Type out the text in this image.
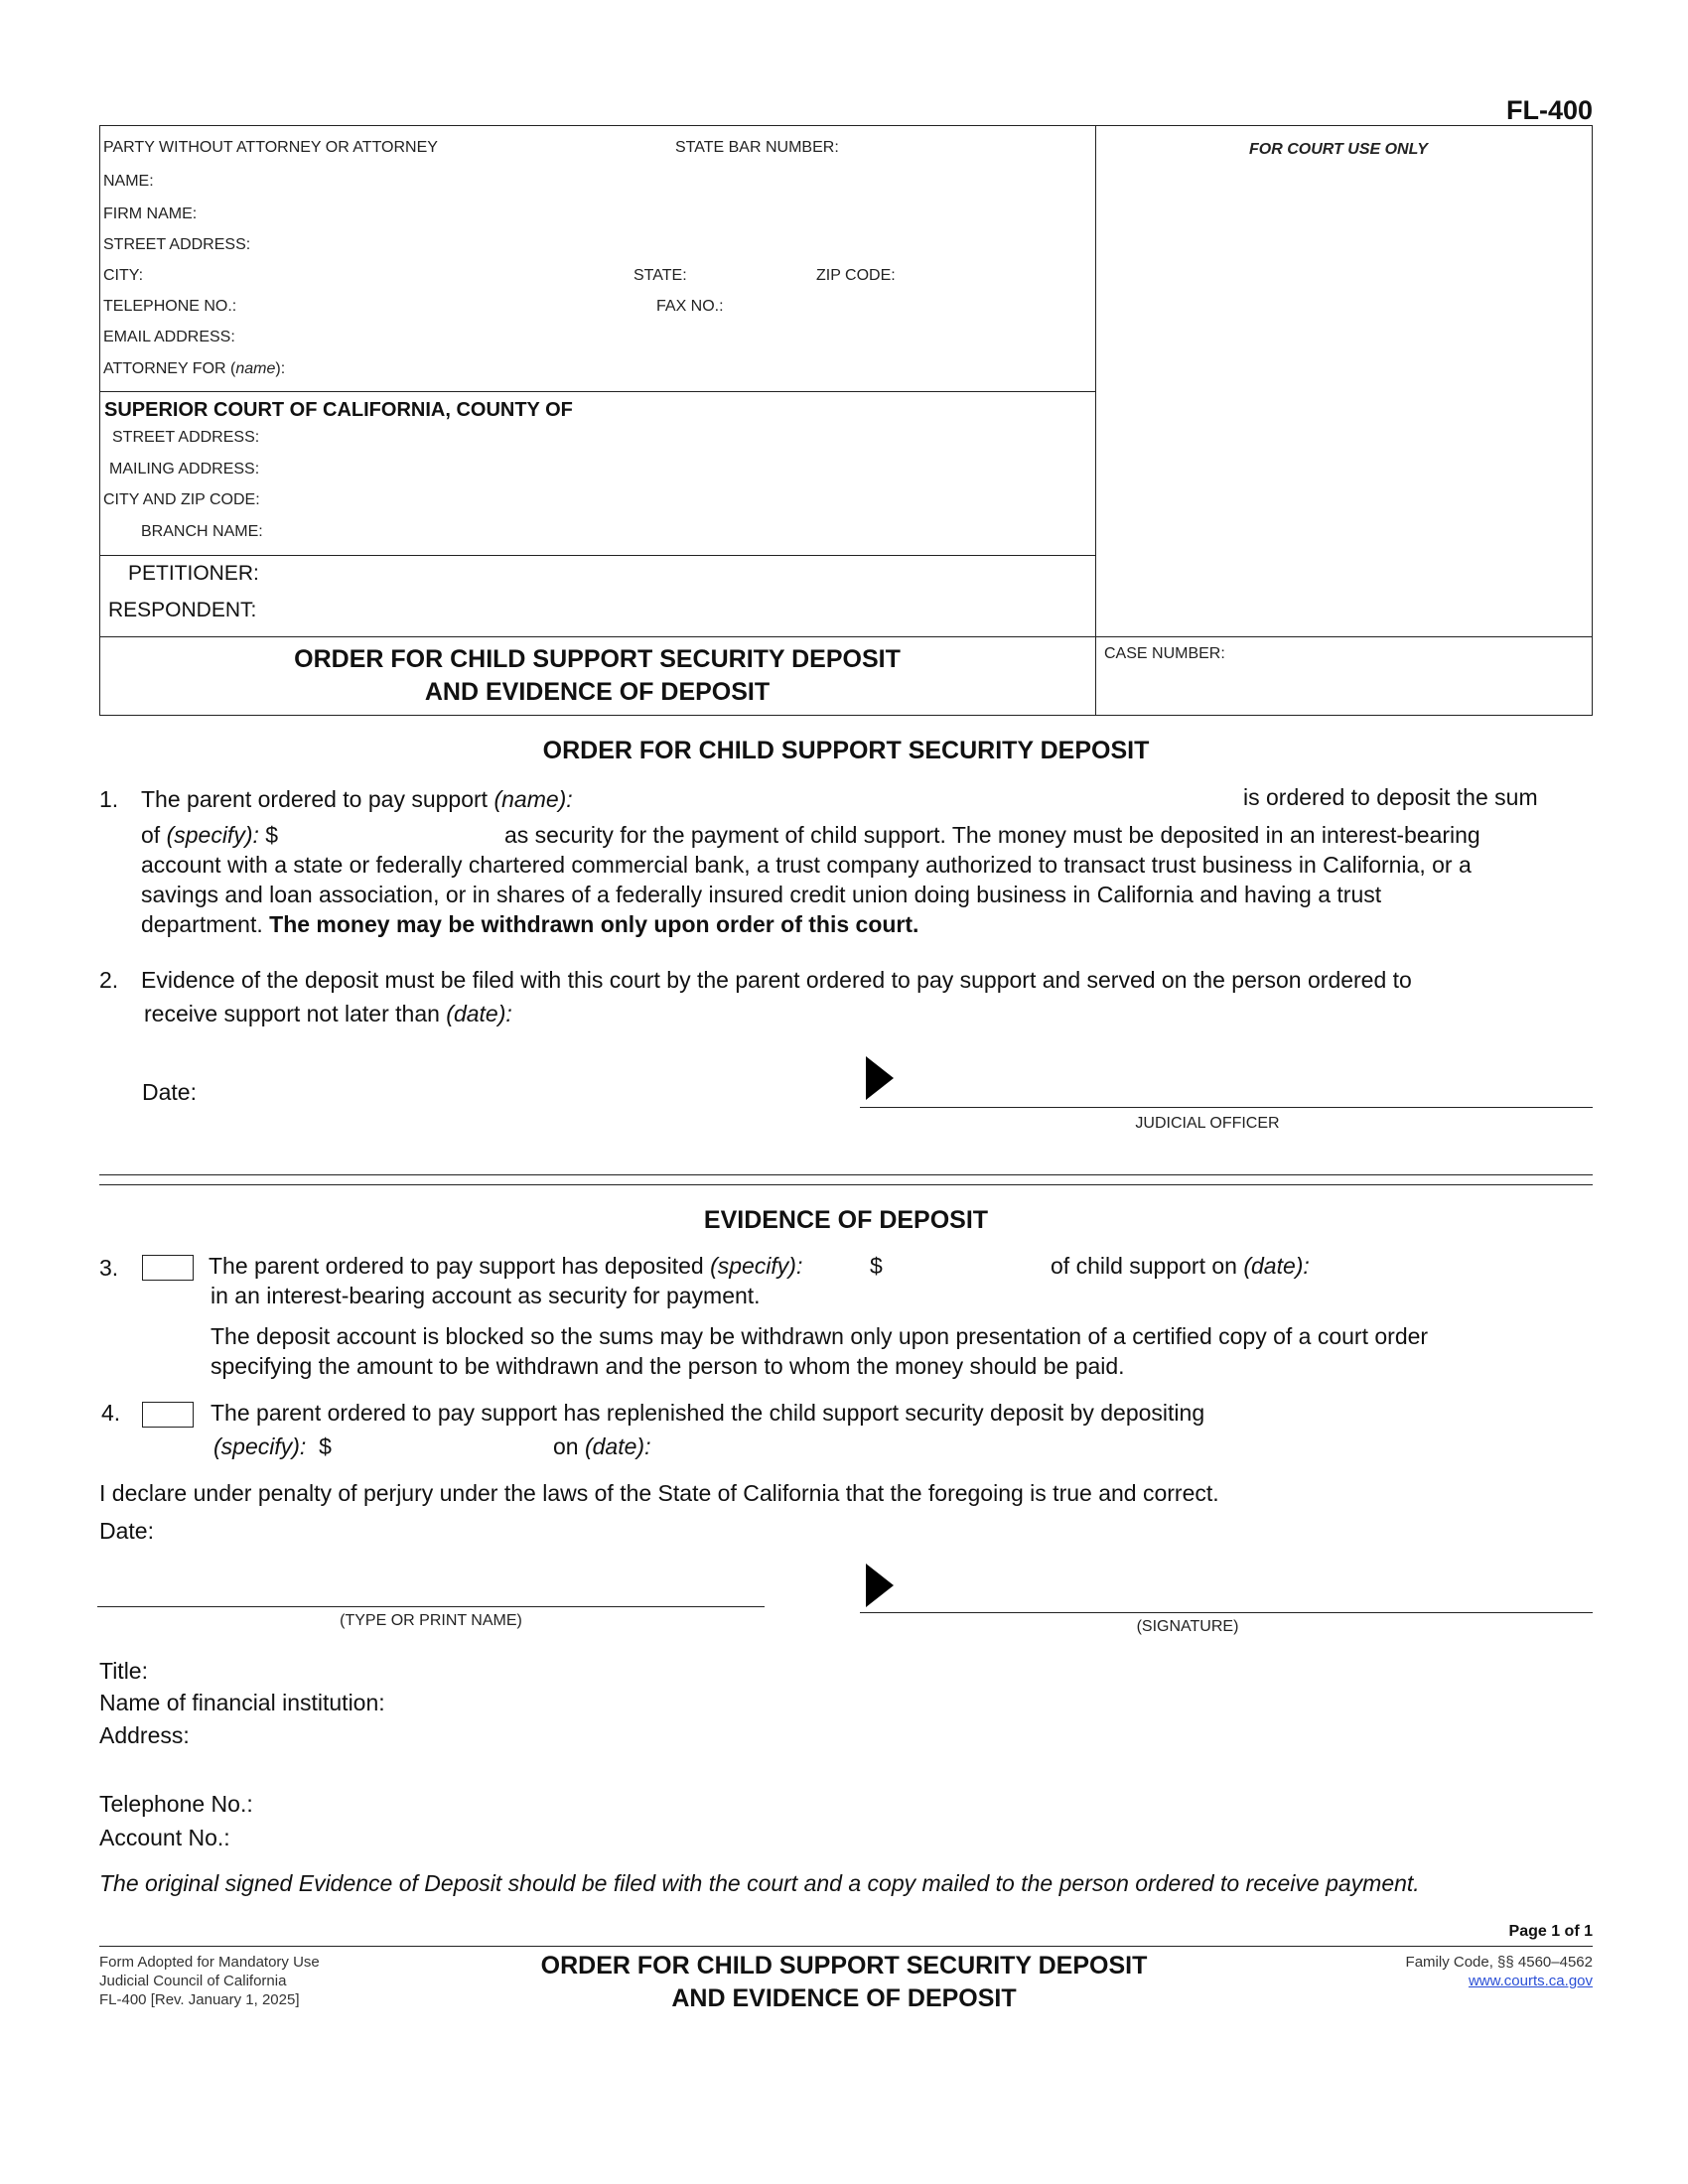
FL-400
PARTY WITHOUT ATTORNEY OR ATTORNEY	STATE BAR NUMBER:
NAME:
FIRM NAME:
STREET ADDRESS:
CITY:	STATE:	ZIP CODE:
TELEPHONE NO.:	FAX NO.:
EMAIL ADDRESS:
ATTORNEY FOR (name):
SUPERIOR COURT OF CALIFORNIA, COUNTY OF
STREET ADDRESS:
MAILING ADDRESS:
CITY AND ZIP CODE:
BRANCH NAME:
PETITIONER:
RESPONDENT:
FOR COURT USE ONLY
CASE NUMBER:
ORDER FOR CHILD SUPPORT SECURITY DEPOSIT
AND EVIDENCE OF DEPOSIT
ORDER FOR CHILD SUPPORT SECURITY DEPOSIT
1. The parent ordered to pay support (name):	is ordered to deposit the sum
of (specify): $	as security for the payment of child support. The money must be deposited in an interest-bearing
account with a state or federally chartered commercial bank, a trust company authorized to transact trust business in California, or a
savings and loan association, or in shares of a federally insured credit union doing business in California and having a trust
department. The money may be withdrawn only upon order of this court.
2. Evidence of the deposit must be filed with this court by the parent ordered to pay support and served on the person ordered to
receive support not later than (date):
Date:
JUDICIAL OFFICER
EVIDENCE OF DEPOSIT
3.	The parent ordered to pay support has deposited (specify):	$	of child support on (date):
in an interest-bearing account as security for payment.
The deposit account is blocked so the sums may be withdrawn only upon presentation of a certified copy of a court order
specifying the amount to be withdrawn and the person to whom the money should be paid.
4.	The parent ordered to pay support has replenished the child support security deposit by depositing
(specify): $	on (date):
I declare under penalty of perjury under the laws of the State of California that the foregoing is true and correct.
Date:
(TYPE OR PRINT NAME)	(SIGNATURE)
Title:
Name of financial institution:
Address:
Telephone No.:
Account No.:
The original signed Evidence of Deposit should be filed with the court and a copy mailed to the person ordered to receive payment.
Page 1 of 1
Form Adopted for Mandatory Use
Judicial Council of California
FL-400 [Rev. January 1, 2025]
ORDER FOR CHILD SUPPORT SECURITY DEPOSIT
AND EVIDENCE OF DEPOSIT
Family Code, §§ 4560–4562
www.courts.ca.gov
